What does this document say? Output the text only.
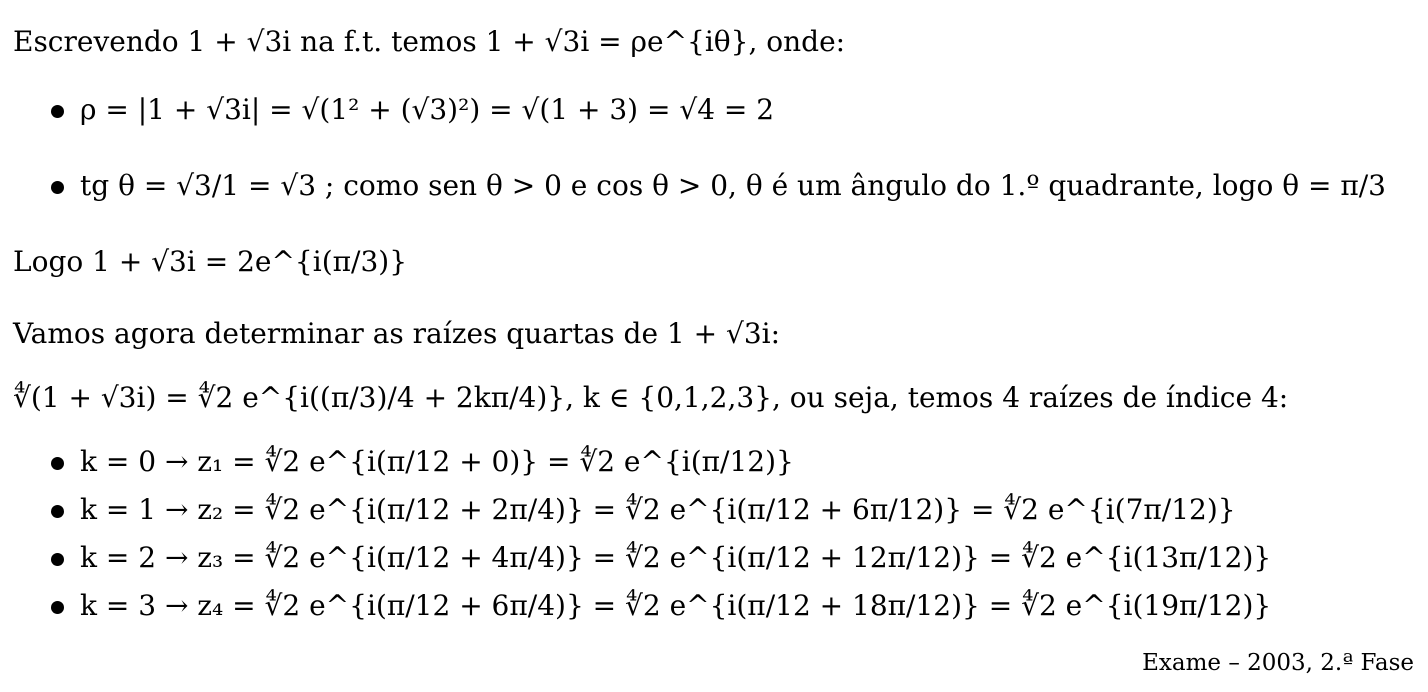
Escrevendo 1 + √3i na f.t. temos 1 + √3i = ρe^{iθ}, onde:
ρ = |1 + √3i| = √(1² + (√3)²) = √(1 + 3) = √4 = 2
tg θ = √3/1 = √3 ; como sen θ > 0 e cos θ > 0, θ é um ângulo do 1.º quadrante, logo θ = π/3
Logo 1 + √3i = 2e^{i(π/3)}
Vamos agora determinar as raízes quartas de 1 + √3i:
∜(1 + √3i) = ∜2 e^{i((π/3)/4 + 2kπ/4)}, k ∈ {0,1,2,3}, ou seja, temos 4 raízes de índice 4:
k = 0 → z₁ = ∜2 e^{i(π/12 + 0)} = ∜2 e^{i(π/12)}
k = 1 → z₂ = ∜2 e^{i(π/12 + 2π/4)} = ∜2 e^{i(π/12 + 6π/12)} = ∜2 e^{i(7π/12)}
k = 2 → z₃ = ∜2 e^{i(π/12 + 4π/4)} = ∜2 e^{i(π/12 + 12π/12)} = ∜2 e^{i(13π/12)}
k = 3 → z₄ = ∜2 e^{i(π/12 + 6π/4)} = ∜2 e^{i(π/12 + 18π/12)} = ∜2 e^{i(19π/12)}
Exame – 2003, 2.ª Fase
